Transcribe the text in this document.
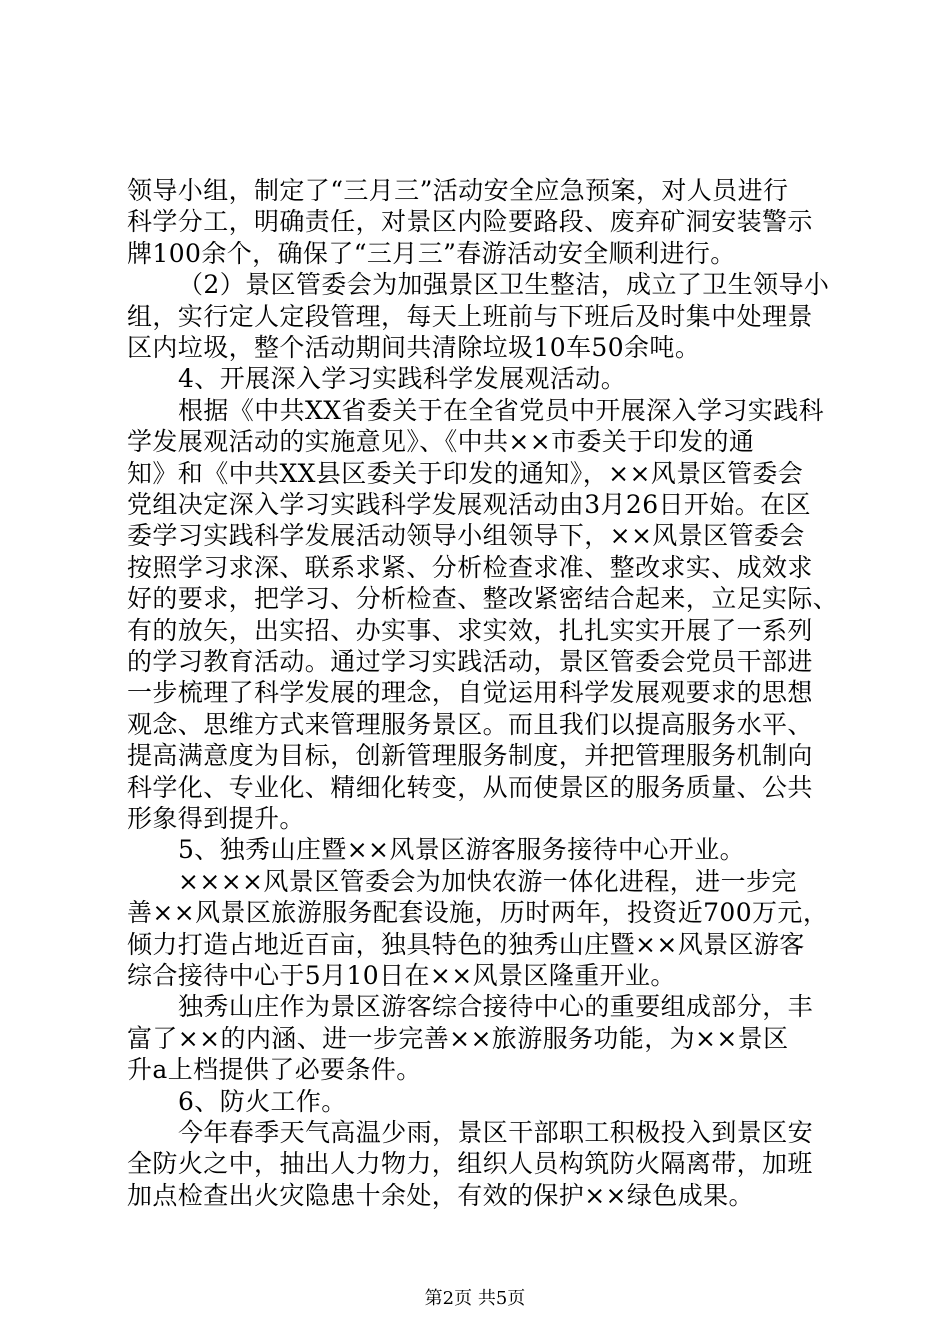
领导小组，制定了“三月三”活动安全应急预案，对人员进行
科学分工，明确责任，对景区内险要路段、废弃矿洞安装警示
牌100余个，确保了“三月三”春游活动安全顺利进行。
（2）景区管委会为加强景区卫生整洁，成立了卫生领导小
组，实行定人定段管理，每天上班前与下班后及时集中处理景
区内垃圾，整个活动期间共清除垃圾10车50余吨。
4、开展深入学习实践科学发展观活动。
根据《中共XX省委关于在全省党员中开展深入学习实践科
学发展观活动的实施意见》、《中共××市委关于印发的通
知》和《中共XX县区委关于印发的通知》，××风景区管委会
党组决定深入学习实践科学发展观活动由3月26日开始。在区
委学习实践科学发展活动领导小组领导下，××风景区管委会
按照学习求深、联系求紧、分析检查求准、整改求实、成效求
好的要求，把学习、分析检查、整改紧密结合起来，立足实际、
有的放矢，出实招、办实事、求实效，扎扎实实开展了一系列
的学习教育活动。通过学习实践活动，景区管委会党员干部进
一步梳理了科学发展的理念，自觉运用科学发展观要求的思想
观念、思维方式来管理服务景区。而且我们以提高服务水平、
提高满意度为目标，创新管理服务制度，并把管理服务机制向
科学化、专业化、精细化转变，从而使景区的服务质量、公共
形象得到提升。
5、独秀山庄暨××风景区游客服务接待中心开业。
××××风景区管委会为加快农游一体化进程，进一步完
善××风景区旅游服务配套设施，历时两年，投资近700万元，
倾力打造占地近百亩，独具特色的独秀山庄暨××风景区游客
综合接待中心于5月10日在××风景区隆重开业。
独秀山庄作为景区游客综合接待中心的重要组成部分，丰
富了××的内涵、进一步完善××旅游服务功能，为××景区
升a上档提供了必要条件。
6、防火工作。
今年春季天气高温少雨，景区干部职工积极投入到景区安
全防火之中，抽出人力物力，组织人员构筑防火隔离带，加班
加点检查出火灾隐患十余处，有效的保护××绿色成果。
第2页 共5页
